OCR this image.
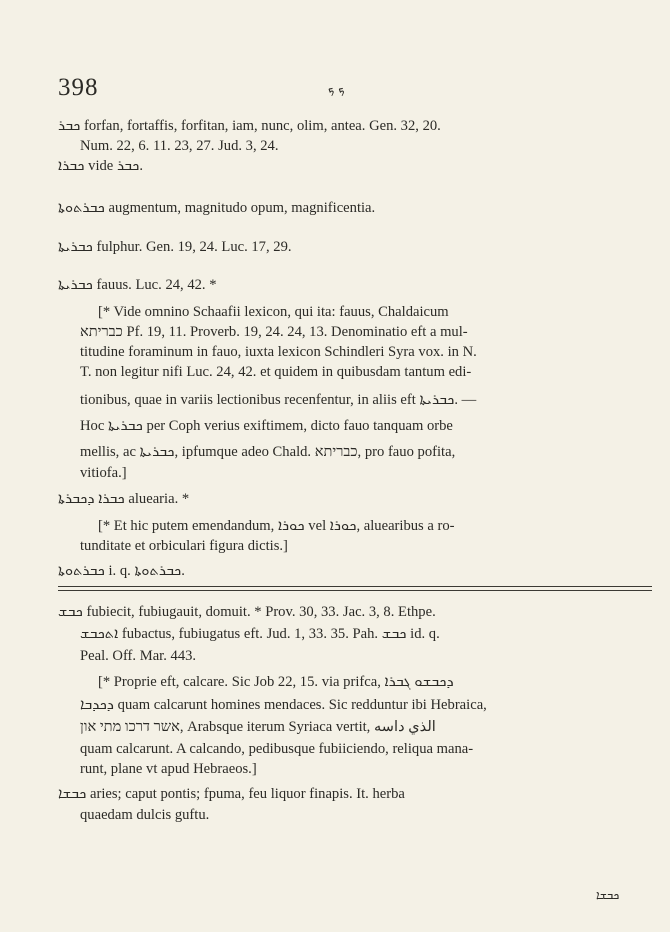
398	ܟ ܟ
ܟܒܪ forfan, fortaffis, forfitan, iam, nunc, olim, antea. Gen. 32, 20.
Num. 22, 6. 11. 23, 27. Jud. 3, 24.
ܟܒܪܐ vide ܟܒܪ.
ܟܒܪܬܘܬܐ augmentum, magnitudo opum, magnificentia.
ܟܒܪܝܬܐ fulphur. Gen. 19, 24. Luc. 17, 29.
ܟܒܪܝܬܐ fauus. Luc. 24, 42. *
[* Vide omnino Schaafii lexicon, qui ita: fauus, Chaldaicum
כבריתא Pf. 19, 11. Proverb. 19, 24. 24, 13. Denominatio eft a mul-
titudine foraminum in fauo, iuxta lexicon Schindleri Syra vox. in N.
T. non legitur nifi Luc. 24, 42. et quidem in quibusdam tantum edi-
tionibus, quae in variis lectionibus recenfentur, in aliis eft ܟܒܪܝܬܐ. —
Hoc ܟܒܪܝܬܐ per Coph verius exiftimem, dicto fauo tanquam orbe
mellis, ac ܟܒܪܝܬܐ, ipfumque adeo Chald. כבריתא, pro fauo pofita,
vitiofa.]
ܟܒܪܐ ܕܟܒܪܬܐ aluearia. *
[* Et hic putem emendandum, ܟܘܪܐ vel ܟܘܪܐ, aluearibus a ro-
tunditate et orbiculari figura dictis.]
ܟܒܪܬܘܬܐ i. q. ܟܒܪܬܘܬܐ.
ܟܒܫ fubiecit, fubiugauit, domuit. * Prov. 30, 33. Jac. 3, 8. Ethpe.
ܐܬܟܒܫ fubactus, fubiugatus eft. Jud. 1, 33. 35. Pah. ܟܒܫ id. q.
Peal. Off. Mar. 443.
[* Proprie eft, calcare. Sic Job 22, 15. via prifca, ܕܟܒܫܘ ܓܒܪܐ
ܕܟܕܒܐ quam calcarunt homines mendaces. Sic redduntur ibi Hebraica,
אשר דרכו מתי און, Arabsque iterum Syriaca vertit, الذي داسه
quam calcarunt. A calcando, pedibusque fubiiciendo, reliqua mana-
runt, plane vt apud Hebraeos.]
ܟܒܫܐ aries; caput pontis; fpuma, feu liquor finapis. It. herba
quaedam dulcis guftu.
ܟܒܫܐ
